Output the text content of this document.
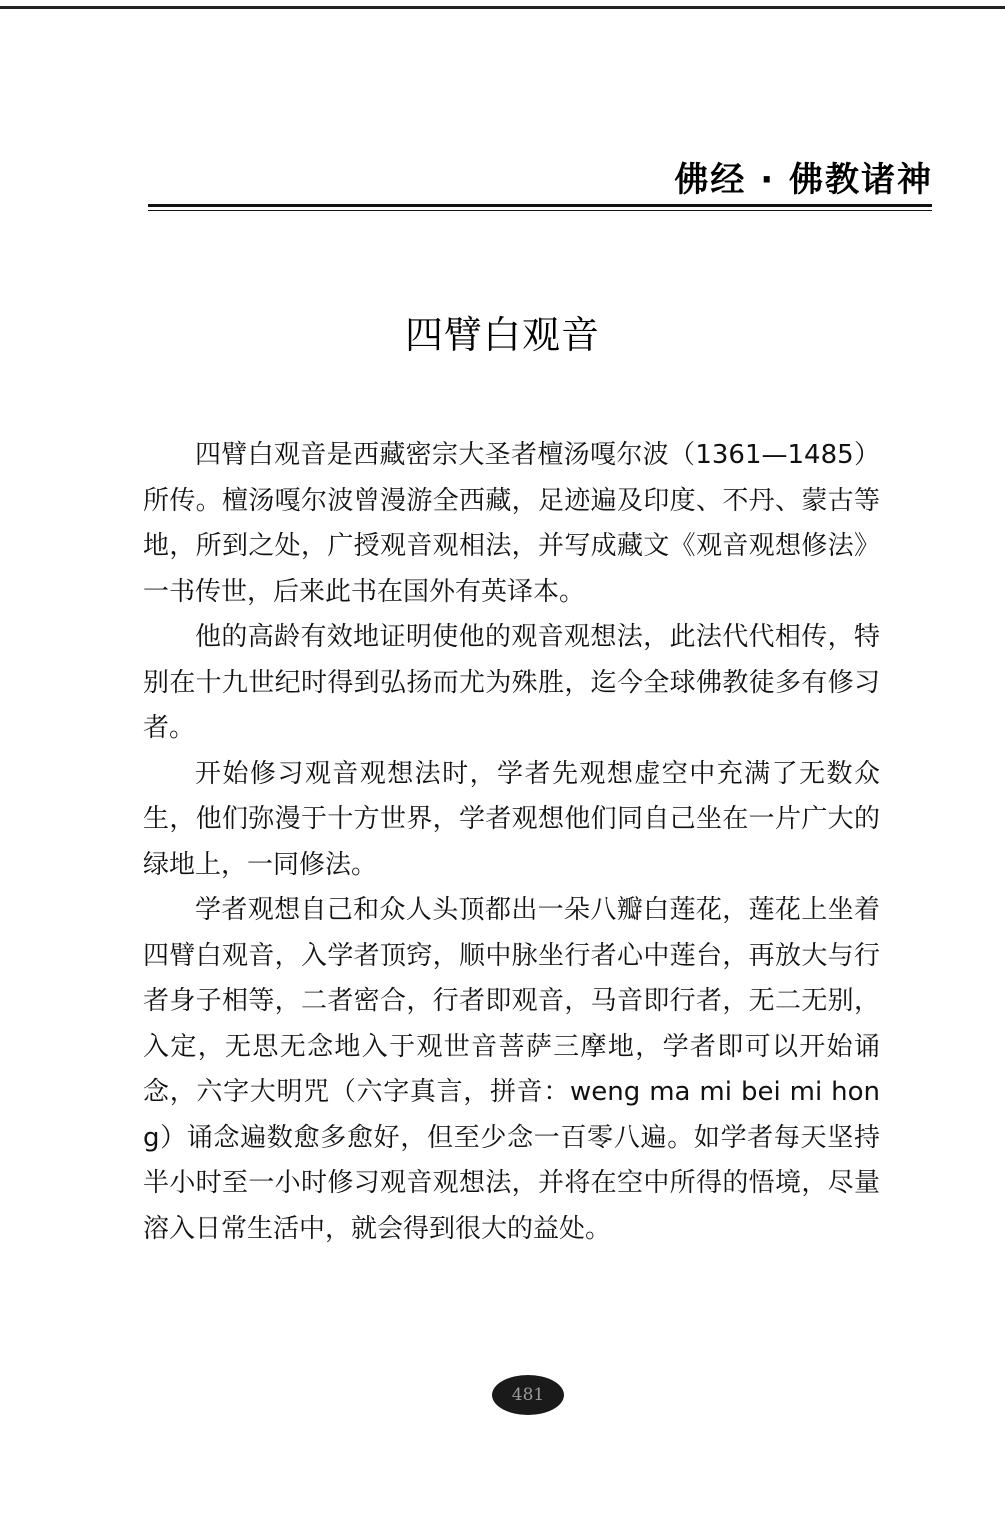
佛经 · 佛教诸神
四臂白观音

四臂白观音是西藏密宗大圣者檀汤嘎尔波（1361—1485）所传。檀汤嘎尔波曾漫游全西藏，足迹遍及印度、不丹、蒙古等地，所到之处，广授观音观相法，并写成藏文《观音观想修法》一书传世，后来此书在国外有英译本。

他的高龄有效地证明使他的观音观想法，此法代代相传，特别在十九世纪时得到弘扬而尤为殊胜，迄今全球佛教徒多有修习者。

开始修习观音观想法时，学者先观想虚空中充满了无数众生，他们弥漫于十方世界，学者观想他们同自己坐在一片广大的绿地上，一同修法。

学者观想自己和众人头顶都出一朵八瓣白莲花，莲花上坐着四臂白观音，入学者顶窍，顺中脉坐行者心中莲台，再放大与行者身子相等，二者密合，行者即观音，马音即行者，无二无别，入定，无思无念地入于观世音菩萨三摩地，学者即可以开始诵念，六字大明咒（六字真言，拼音：weng ma mi bei mi hong）诵念遍数愈多愈好，但至少念一百零八遍。如学者每天坚持半小时至一小时修习观音观想法，并将在空中所得的悟境，尽量溶入日常生活中，就会得到很大的益处。

481
